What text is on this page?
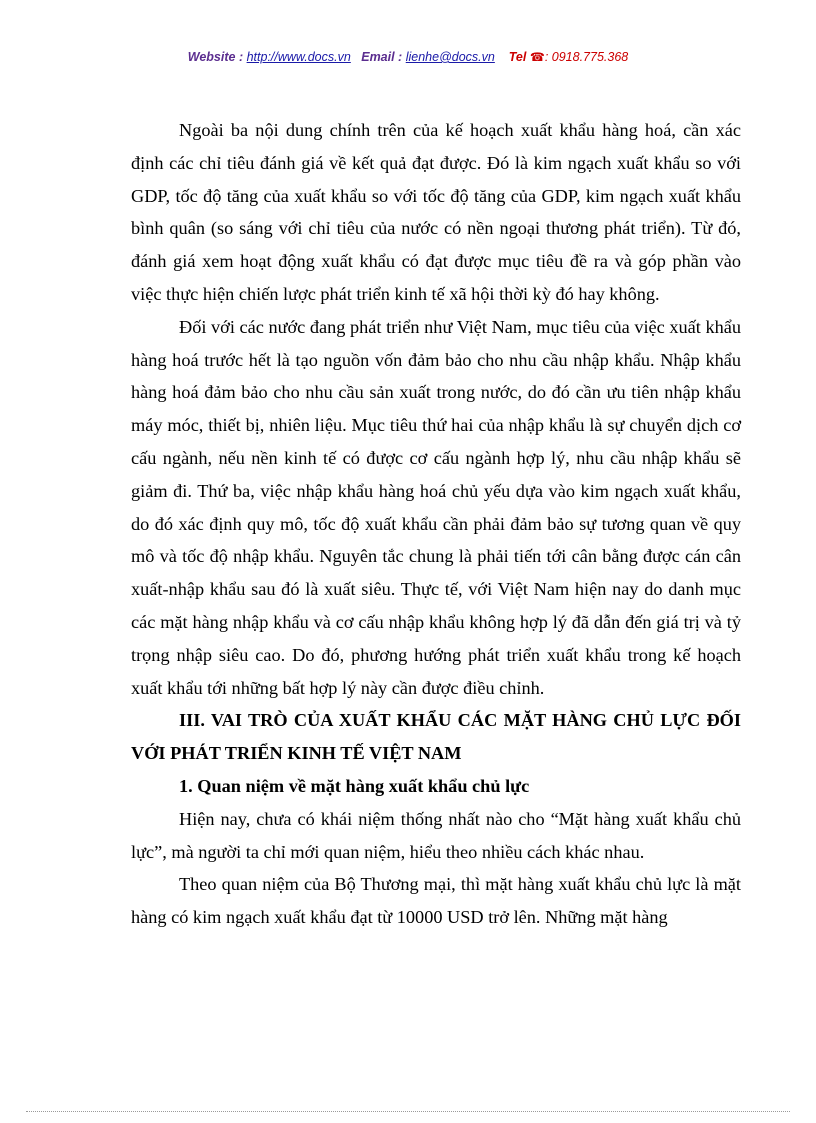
Website : http://www.docs.vn Email : lienhe@docs.vn Tel ☎: 0918.775.368

Ngoài ba nội dung chính trên của kế hoạch xuất khẩu hàng hoá, cần xác định các chỉ tiêu đánh giá về kết quả đạt được. Đó là kim ngạch xuất khẩu so với GDP, tốc độ tăng của xuất khẩu so với tốc độ tăng của GDP, kim ngạch xuất khẩu bình quân (so sáng với chỉ tiêu của nước có nền ngoại thương phát triển). Từ đó, đánh giá xem hoạt động xuất khẩu có đạt được mục tiêu đề ra và góp phần vào việc thực hiện chiến lược phát triển kinh tế xã hội thời kỳ đó hay không.

Đối với các nước đang phát triển như Việt Nam, mục tiêu của việc xuất khẩu hàng hoá trước hết là tạo nguồn vốn đảm bảo cho nhu cầu nhập khẩu. Nhập khẩu hàng hoá đảm bảo cho nhu cầu sản xuất trong nước, do đó cần ưu tiên nhập khẩu máy móc, thiết bị, nhiên liệu. Mục tiêu thứ hai của nhập khẩu là sự chuyển dịch cơ cấu ngành, nếu nền kinh tế có được cơ cấu ngành hợp lý, nhu cầu nhập khẩu sẽ giảm đi. Thứ ba, việc nhập khẩu hàng hoá chủ yếu dựa vào kim ngạch xuất khẩu, do đó xác định quy mô, tốc độ xuất khẩu cần phải đảm bảo sự tương quan về quy mô và tốc độ nhập khẩu. Nguyên tắc chung là phải tiến tới cân bằng được cán cân xuất-nhập khẩu sau đó là xuất siêu. Thực tế, với Việt Nam hiện nay do danh mục các mặt hàng nhập khẩu và cơ cấu nhập khẩu không hợp lý đã dẫn đến giá trị và tỷ trọng nhập siêu cao. Do đó, phương hướng phát triển xuất khẩu trong kế hoạch xuất khẩu tới những bất hợp lý này cần được điều chỉnh.

III. VAI TRÒ CỦA XUẤT KHẨU CÁC MẶT HÀNG CHỦ LỰC ĐỐI VỚI PHÁT TRIỂN KINH TẾ VIỆT NAM

1. Quan niệm về mặt hàng xuất khẩu chủ lực

Hiện nay, chưa có khái niệm thống nhất nào cho “Mặt hàng xuất khẩu chủ lực”, mà người ta chỉ mới quan niệm, hiểu theo nhiều cách khác nhau.

Theo quan niệm của Bộ Thương mại, thì mặt hàng xuất khẩu chủ lực là mặt hàng có kim ngạch xuất khẩu đạt từ 10000 USD trở lên. Những mặt hàng
